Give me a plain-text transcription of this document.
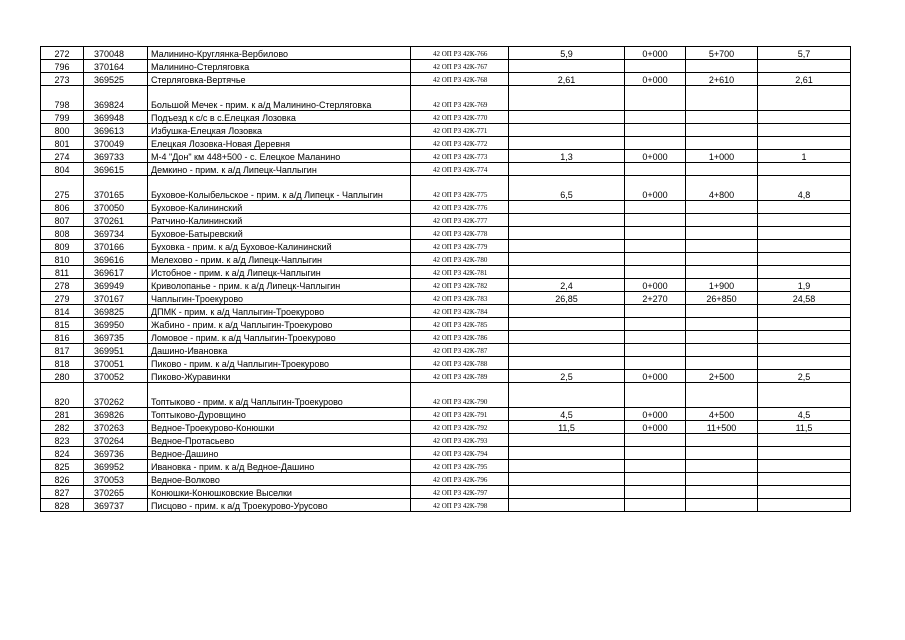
272	370048	Малинино-Круглянка-Вербилово	42 ОП РЗ 42К-766	5,9	0+000	5+700	5,7
796	370164	Малинино-Стерляговка	42 ОП РЗ 42К-767				
273	369525	Стерляговка-Вертячье	42 ОП РЗ 42К-768	2,61	0+000	2+610	2,61
798	369824	Большой Мечек - прим. к а/д Малинино-Стерляговка	42 ОП РЗ 42К-769				
799	369948	Подъезд к с/с в с.Елецкая Лозовка	42 ОП РЗ 42К-770				
800	369613	Избушка-Елецкая Лозовка	42 ОП РЗ 42К-771				
801	370049	Елецкая Лозовка-Новая Деревня	42 ОП РЗ 42К-772				
274	369733	М-4 "Дон" км 448+500 - с. Елецкое Маланино	42 ОП РЗ 42К-773	1,3	0+000	1+000	1
804	369615	Демкино - прим. к а/д Липецк-Чаплыгин	42 ОП РЗ 42К-774				
275	370165	Буховое-Колыбельское - прим. к а/д Липецк - Чаплыгин	42 ОП РЗ 42К-775	6,5	0+000	4+800	4,8
806	370050	Буховое-Калининский	42 ОП РЗ 42К-776				
807	370261	Ратчино-Калининский	42 ОП РЗ 42К-777				
808	369734	Буховое-Батыревский	42 ОП РЗ 42К-778				
809	370166	Буховка - прим. к а/д Буховое-Калининский	42 ОП РЗ 42К-779				
810	369616	Мелехово - прим. к а/д Липецк-Чаплыгин	42 ОП РЗ 42К-780				
811	369617	Истобное - прим. к а/д Липецк-Чаплыгин	42 ОП РЗ 42К-781				
278	369949	Криволопанье - прим. к а/д Липецк-Чаплыгин	42 ОП РЗ 42К-782	2,4	0+000	1+900	1,9
279	370167	Чаплыгин-Троекурово	42 ОП РЗ 42К-783	26,85	2+270	26+850	24,58
814	369825	ДПМК - прим. к а/д Чаплыгин-Троекурово	42 ОП РЗ 42К-784				
815	369950	Жабино - прим. к а/д Чаплыгин-Троекурово	42 ОП РЗ 42К-785				
816	369735	Ломовое - прим. к а/д Чаплыгин-Троекурово	42 ОП РЗ 42К-786				
817	369951	Дашино-Ивановка	42 ОП РЗ 42К-787				
818	370051	Пиково - прим. к а/д Чаплыгин-Троекурово	42 ОП РЗ 42К-788				
280	370052	Пиково-Журавинки	42 ОП РЗ 42К-789	2,5	0+000	2+500	2,5
820	370262	Топтыково - прим. к а/д Чаплыгин-Троекурово	42 ОП РЗ 42К-790				
281	369826	Топтыково-Дуровщино	42 ОП РЗ 42К-791	4,5	0+000	4+500	4,5
282	370263	Ведное-Троекурово-Конюшки	42 ОП РЗ 42К-792	11,5	0+000	11+500	11,5
823	370264	Ведное-Протасьево	42 ОП РЗ 42К-793				
824	369736	Ведное-Дашино	42 ОП РЗ 42К-794				
825	369952	Ивановка - прим. к а/д Ведное-Дашино	42 ОП РЗ 42К-795				
826	370053	Ведное-Волково	42 ОП РЗ 42К-796				
827	370265	Конюшки-Конюшковские Выселки	42 ОП РЗ 42К-797				
828	369737	Писцово - прим. к а/д Троекурово-Урусово	42 ОП РЗ 42К-798				
